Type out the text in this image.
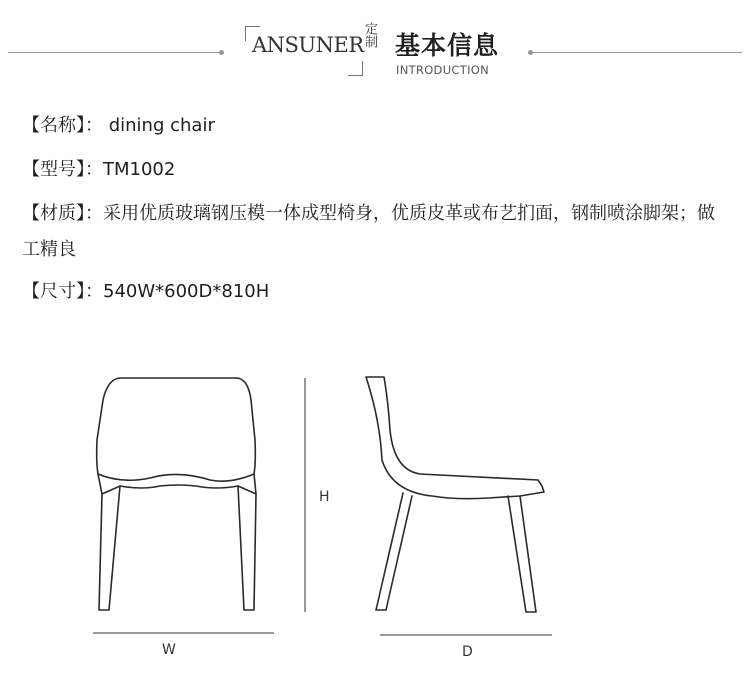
ANSUNER
定制 基本信息
INTRODUCTION
【名称】： dining chair
【型号】：TM1002
【材质】：采用优质玻璃钢压模一体成型椅身，优质皮革或布艺扪面，钢制喷涂脚架；做工精良
【尺寸】：540W*600D*810H
H
W	D
